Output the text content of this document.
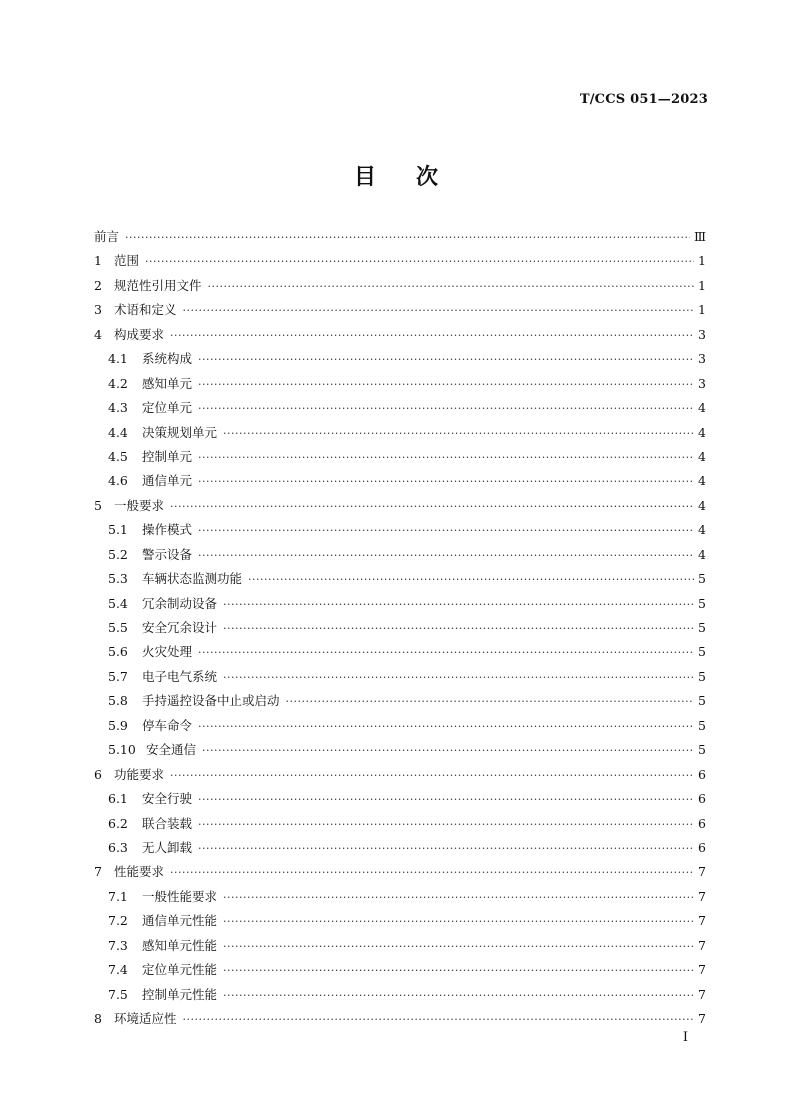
T/CCS 051—2023
目 次
前言 ·····	Ⅲ
1 范围 ·····	1
2 规范性引用文件 ·····	1
3 术语和定义 ·····	1
4 构成要求 ·····	3
4.1	系统构成 ·····	3
4.2	感知单元 ·····	3
4.3	定位单元 ·····	4
4.4	决策规划单元 ·····	4
4.5	控制单元 ·····	4
4.6	通信单元 ·····	4
5 一般要求 ·····	4
5.1	操作模式 ·····	4
5.2	警示设备 ·····	4
5.3	车辆状态监测功能 ·····	5
5.4	冗余制动设备 ·····	5
5.5	安全冗余设计 ·····	5
5.6	火灾处理 ·····	5
5.7	电子电气系统 ·····	5
5.8	手持遥控设备中止或启动 ·····	5
5.9	停车命令 ·····	5
5.10 安全通信 ·····	5
6 功能要求 ·····	6
6.1	安全行驶 ·····	6
6.2	联合装载 ·····	6
6.3	无人卸载 ·····	6
7 性能要求 ·····	7
7.1	一般性能要求 ·····	7
7.2	通信单元性能 ·····	7
7.3	感知单元性能 ·····	7
7.4	定位单元性能 ·····	7
7.5	控制单元性能 ·····	7
8 环境适应性 ·····	7
I
